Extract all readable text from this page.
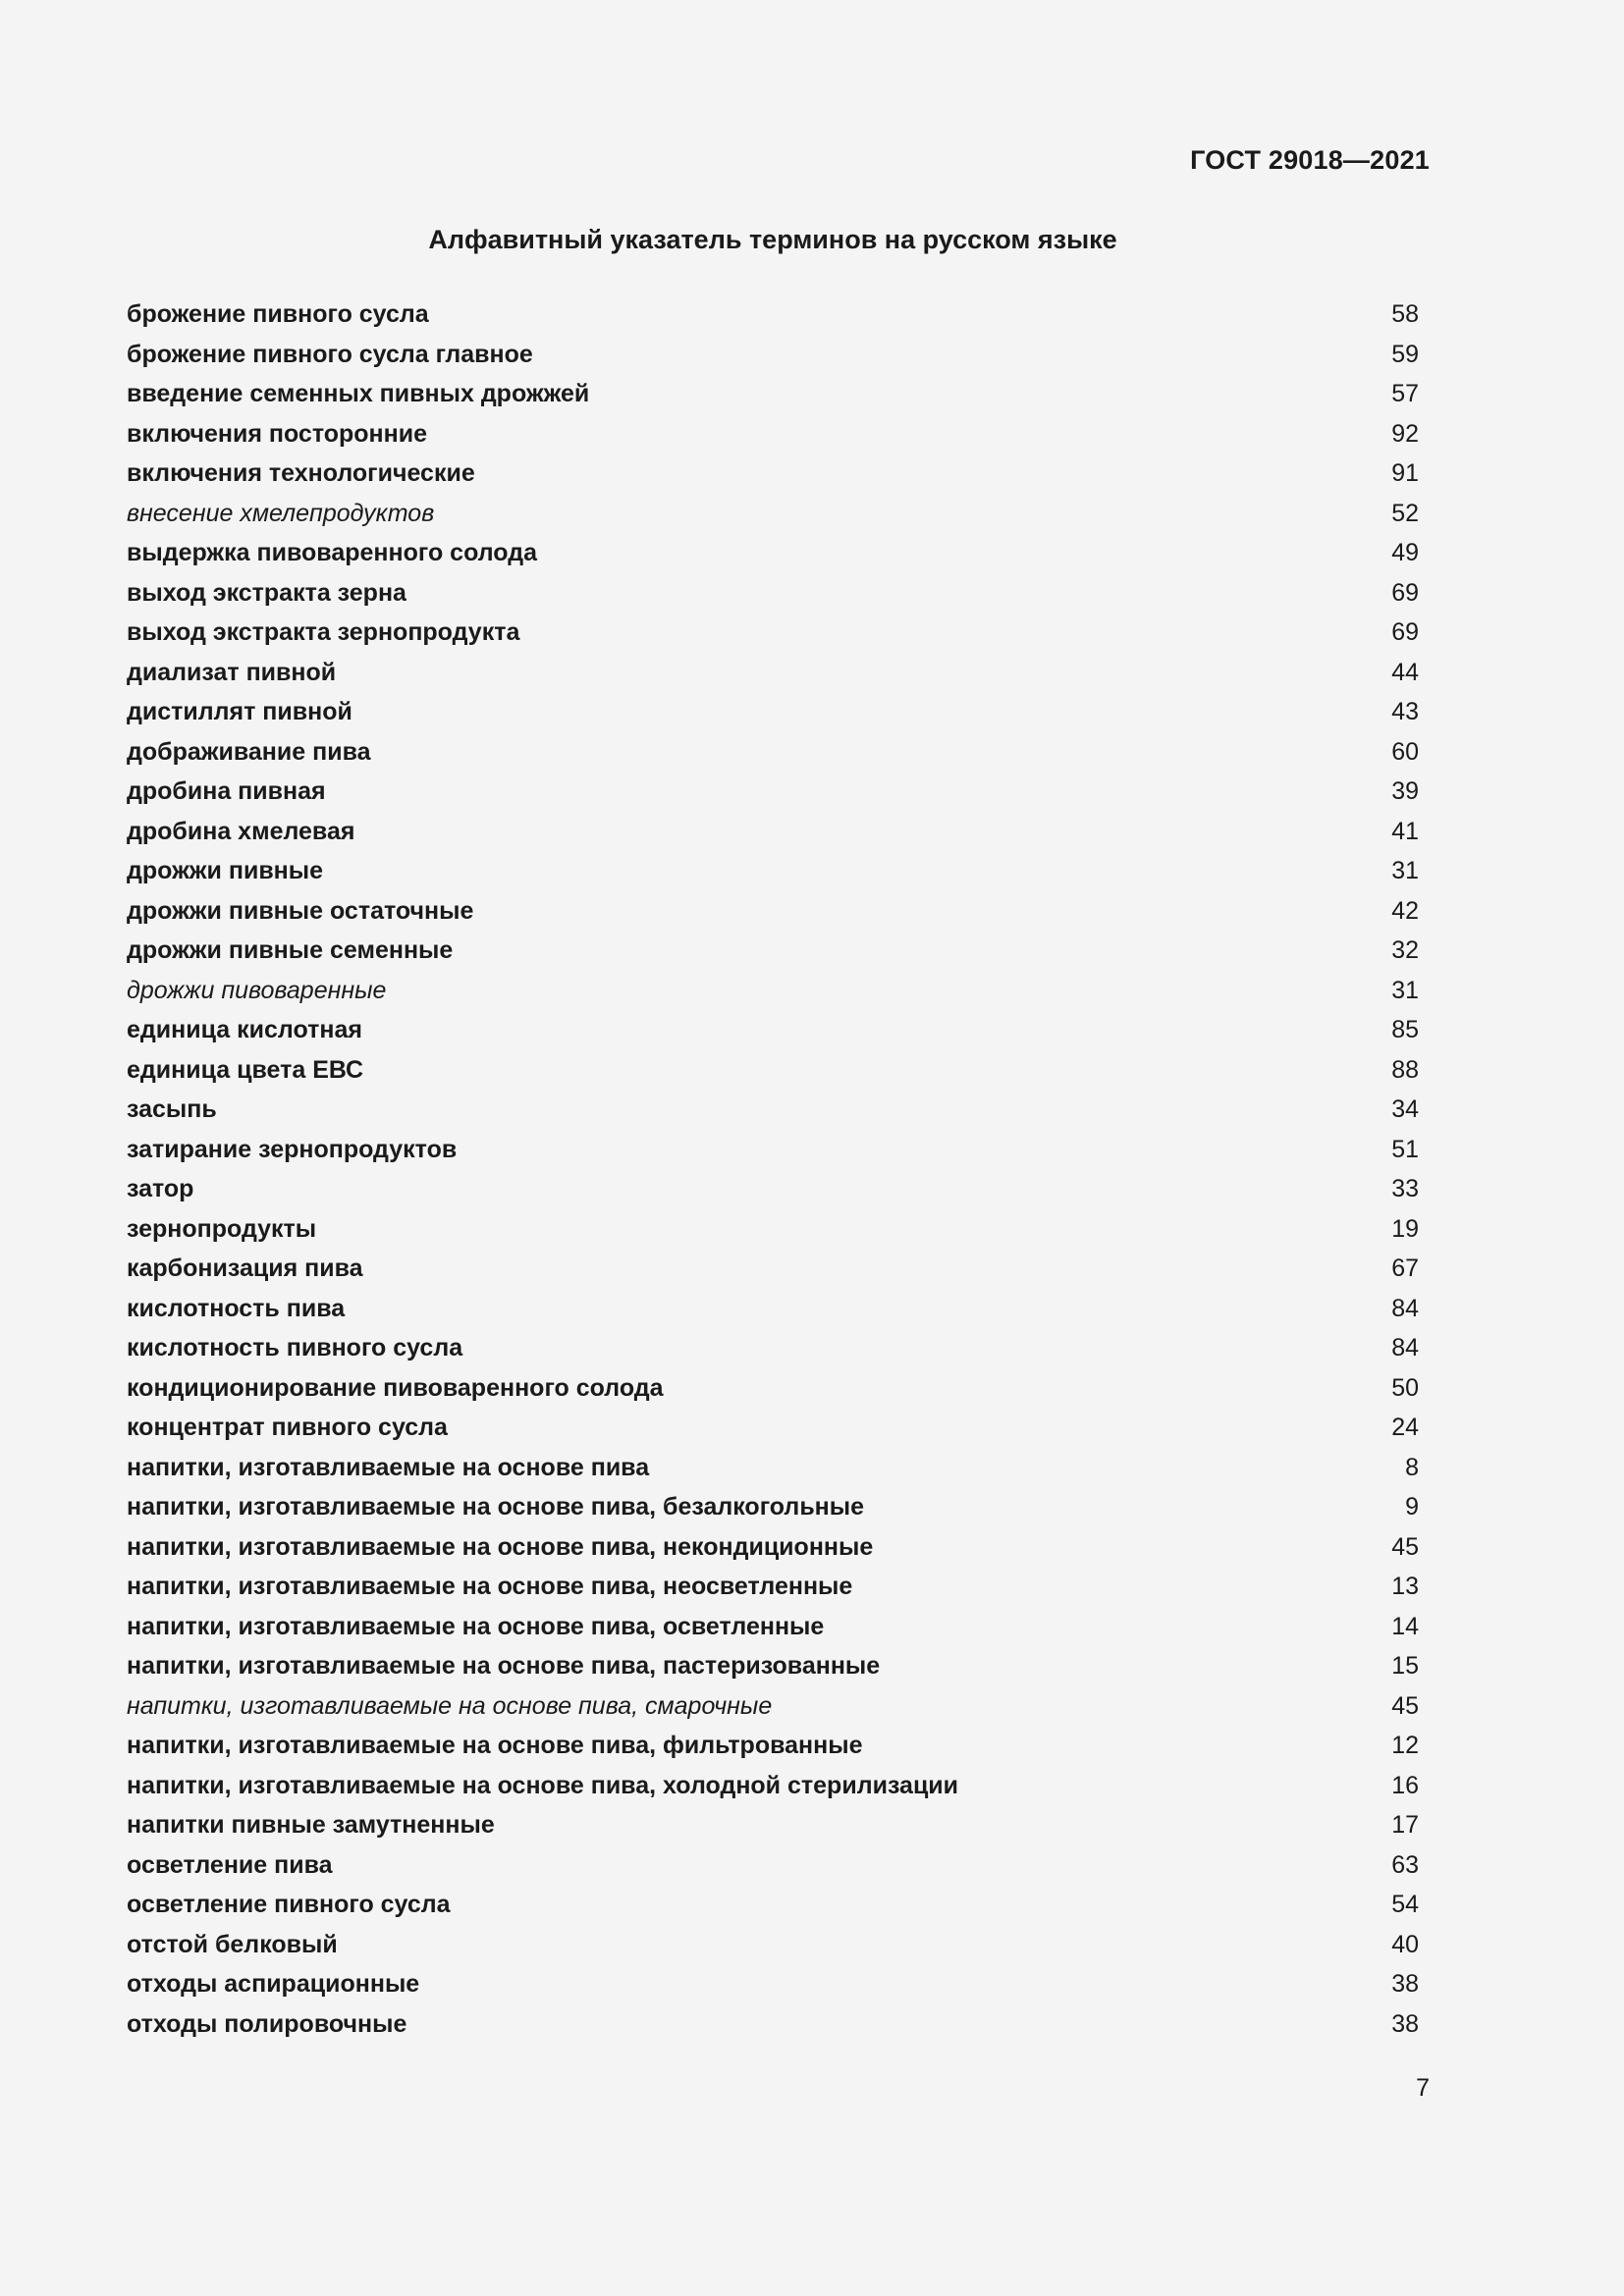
ГОСТ 29018—2021
Алфавитный указатель терминов на русском языке
брожение пивного сусла	58
брожение пивного сусла главное	59
введение семенных пивных дрожжей	57
включения посторонние	92
включения технологические	91
внесение хмелепродуктов	52
выдержка пивоваренного солода	49
выход экстракта зерна	69
выход экстракта зернопродукта	69
диализат пивной	44
дистиллят пивной	43
дображивание пива	60
дробина пивная	39
дробина хмелевая	41
дрожжи пивные	31
дрожжи пивные остаточные	42
дрожжи пивные семенные	32
дрожжи пивоваренные	31
единица кислотная	85
единица цвета ЕВС	88
засыпь	34
затирание зернопродуктов	51
затор	33
зернопродукты	19
карбонизация пива	67
кислотность пива	84
кислотность пивного сусла	84
кондиционирование пивоваренного солода	50
концентрат пивного сусла	24
напитки, изготавливаемые на основе пива	8
напитки, изготавливаемые на основе пива, безалкогольные	9
напитки, изготавливаемые на основе пива, некондиционные	45
напитки, изготавливаемые на основе пива, неосветленные	13
напитки, изготавливаемые на основе пива, осветленные	14
напитки, изготавливаемые на основе пива, пастеризованные	15
напитки, изготавливаемые на основе пива, смарочные	45
напитки, изготавливаемые на основе пива, фильтрованные	12
напитки, изготавливаемые на основе пива, холодной стерилизации	16
напитки пивные замутненные	17
осветление пива	63
осветление пивного сусла	54
отстой белковый	40
отходы аспирационные	38
отходы полировочные	38
7
